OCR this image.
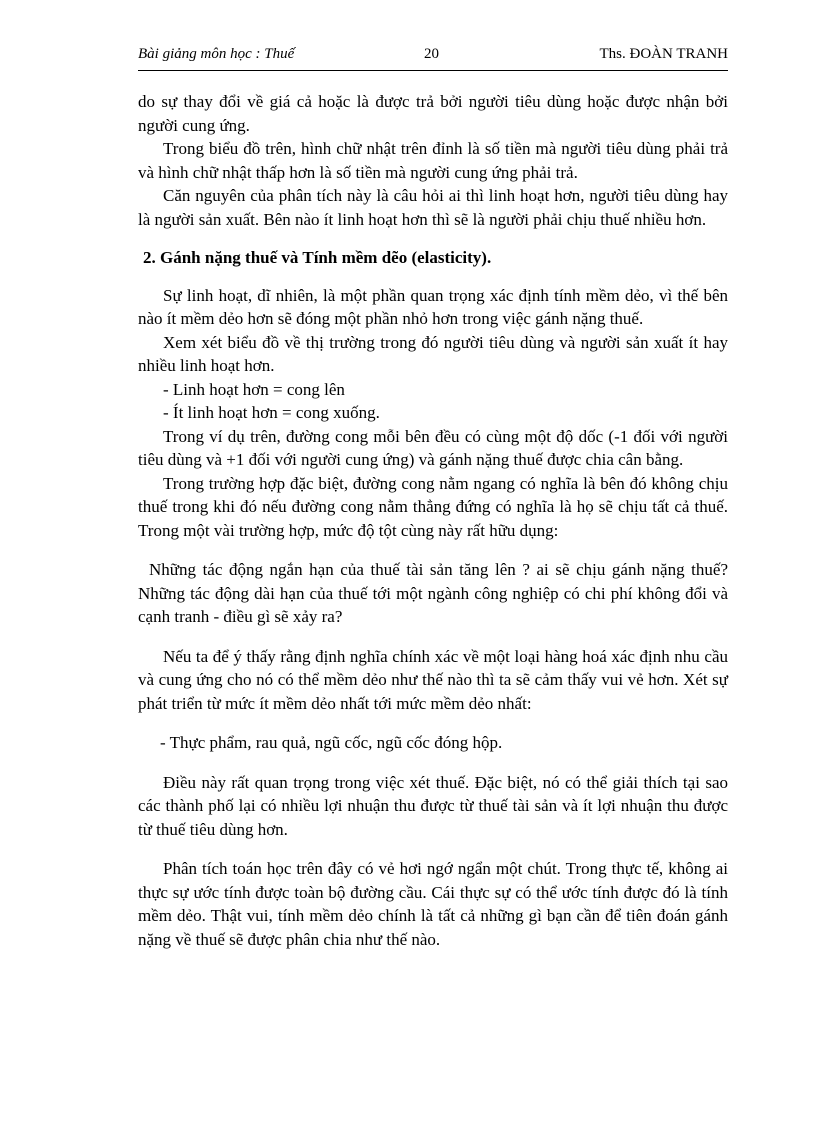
Bài giảng môn học : Thuế	20	Ths. ĐOÀN TRANH

do sự thay đổi về giá cả hoặc là được trả bởi người tiêu dùng hoặc được nhận bởi người cung ứng.

Trong biểu đồ trên, hình chữ nhật trên đỉnh là số tiền mà người tiêu dùng phải trả và hình chữ nhật thấp hơn là số tiền mà người cung ứng phải trả.

Căn nguyên của phân tích này là câu hỏi ai thì linh hoạt hơn, người tiêu dùng hay là người sản xuất. Bên nào ít linh hoạt hơn thì sẽ là người phải chịu thuế nhiều hơn.

2. Gánh nặng thuế và Tính mềm dẽo (elasticity).

Sự linh hoạt, dĩ nhiên, là một phần quan trọng xác định tính mềm dẻo, vì thế bên nào ít mềm dẻo hơn sẽ đóng một phần nhỏ hơn trong việc gánh nặng thuế.

Xem xét biểu đồ về thị trường trong đó người tiêu dùng và người sản xuất ít hay nhiều linh hoạt hơn.

- Linh hoạt hơn = cong lên

- Ít linh hoạt hơn = cong xuống.

Trong ví dụ trên, đường cong mỗi bên đều có cùng một độ dốc (-1 đối với người tiêu dùng và +1 đối với người cung ứng) và gánh nặng thuế được chia cân bằng.

Trong trường hợp đặc biệt, đường cong nằm ngang có nghĩa là bên đó không chịu thuế trong khi đó nếu đường cong nằm thẳng đứng có nghĩa là họ sẽ chịu tất cả thuế. Trong một vài trường hợp, mức độ tột cùng này rất hữu dụng:

Những tác động ngắn hạn của thuế tài sản tăng lên ? ai sẽ chịu gánh nặng thuế? Những tác động dài hạn của thuế tới một ngành công nghiệp có chi phí không đổi và cạnh tranh - điều gì sẽ xảy ra?

Nếu ta để ý thấy rằng định nghĩa chính xác về một loại hàng hoá xác định nhu cầu và cung ứng cho nó có thể mềm dẻo như thế nào thì ta sẽ cảm thấy vui vẻ hơn. Xét sự phát triển từ mức ít mềm dẻo nhất tới mức mềm dẻo nhất:

- Thực phẩm, rau quả, ngũ cốc, ngũ cốc đóng hộp.

Điều này rất quan trọng trong việc xét thuế. Đặc biệt, nó có thể giải thích tại sao các thành phố lại có nhiều lợi nhuận thu được từ thuế tài sản và ít lợi nhuận thu được từ thuế tiêu dùng hơn.

Phân tích toán học trên đây có vẻ hơi ngớ ngẩn một chút. Trong thực tế, không ai thực sự ước tính được toàn bộ đường cầu. Cái thực sự có thể ước tính được đó là tính mềm dẻo. Thật vui, tính mềm dẻo chính là tất cả những gì bạn cần để tiên đoán gánh nặng về thuế sẽ được phân chia như thế nào.
